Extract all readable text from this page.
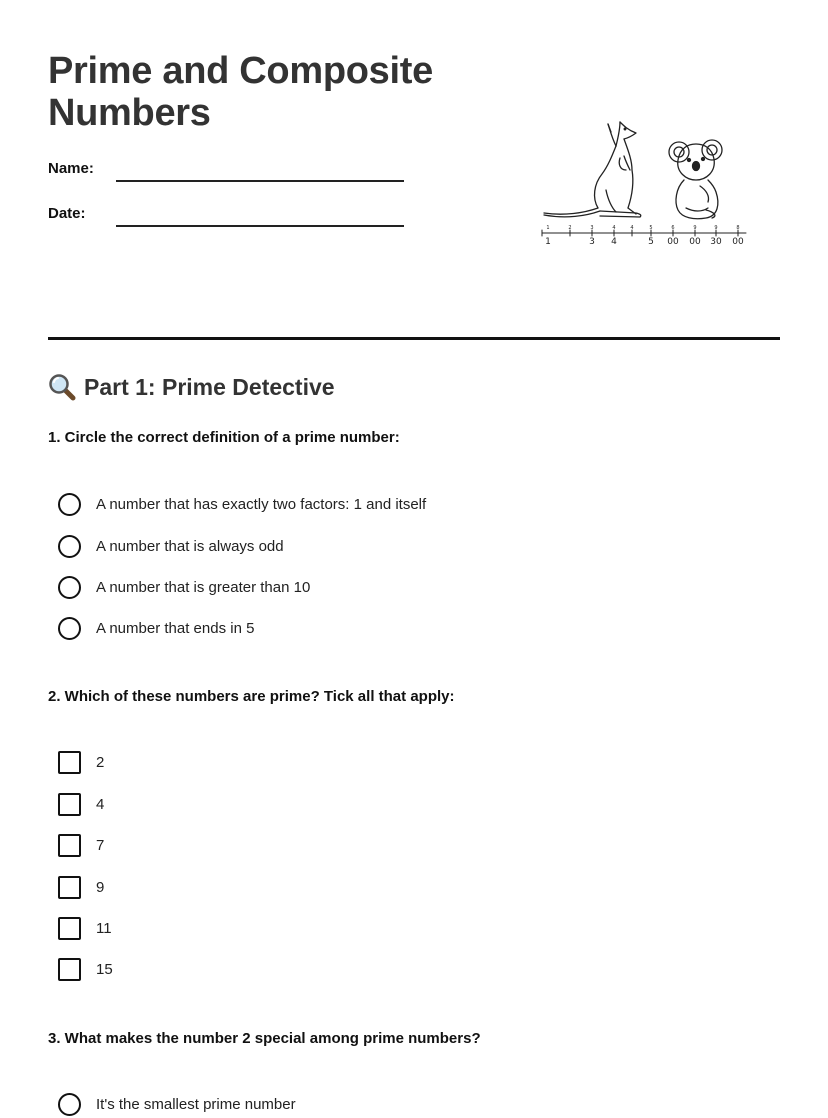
Prime and Composite
Numbers
Name:
Date:
1	2	3	4	4	5	6	9	9	8
1	3 4	5 00 00 30 00
Part 1: Prime Detective

1. Circle the correct definition of a prime number:

A number that has exactly two factors: 1 and itself
A number that is always odd
A number that is greater than 10
A number that ends in 5

2. Which of these numbers are prime? Tick all that apply:

2
4
7
9
11
15

3. What makes the number 2 special among prime numbers?

It's the smallest prime number
